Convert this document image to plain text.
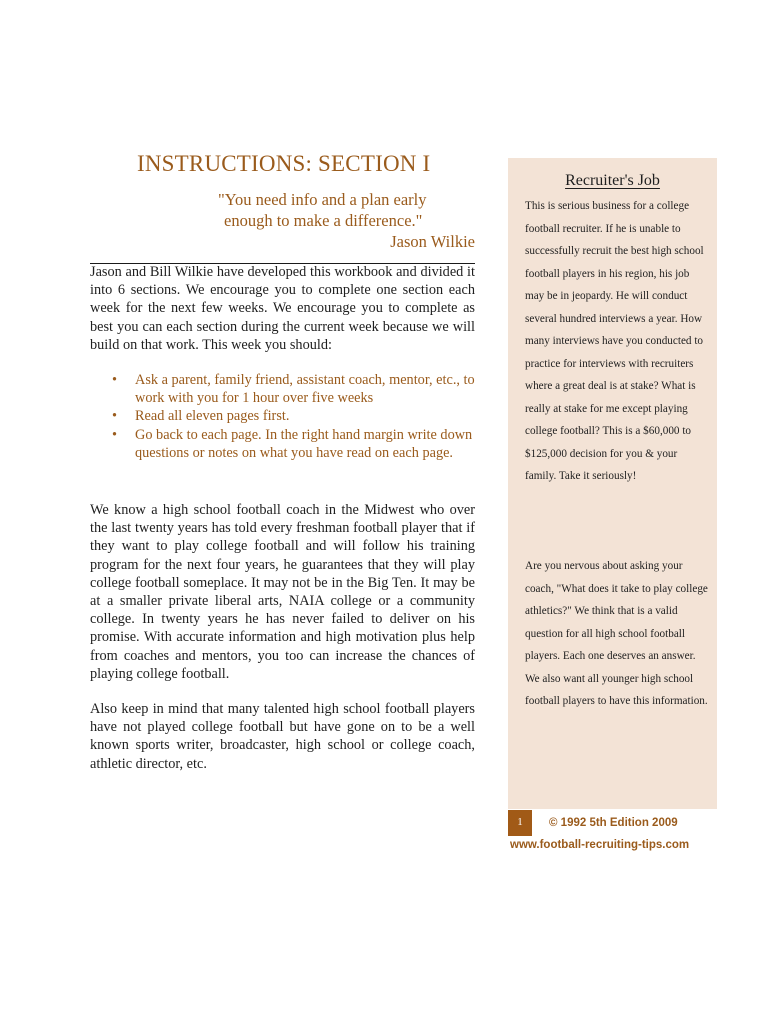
INSTRUCTIONS: SECTION I
"You need info and a plan early
enough to make a difference."
Jason Wilkie
Jason and Bill Wilkie have developed this workbook and divided it into 6 sections. We encourage you to complete one section each week for the next few weeks. We encourage you to complete as best you can each section during the current week because we will build on that work. This week you should:
• Ask a parent, family friend, assistant coach, mentor, etc., to work with you for 1 hour over five weeks
• Read all eleven pages first.
• Go back to each page. In the right hand margin write down questions or notes on what you have read on each page.
We know a high school football coach in the Midwest who over the last twenty years has told every freshman football player that if they want to play college football and will follow his training program for the next four years, he guarantees that they will play college football someplace. It may not be in the Big Ten. It may be at a smaller private liberal arts, NAIA college or a community college. In twenty years he has never failed to deliver on his promise. With accurate information and high motivation plus help from coaches and mentors, you too can increase the chances of playing college football.
Also keep in mind that many talented high school football players have not played college football but have gone on to be a well known sports writer, broadcaster, high school or college coach, athletic director, etc.
Recruiter's Job
This is serious business for a college football recruiter. If he is unable to successfully recruit the best high school football players in his region, his job may be in jeopardy. He will conduct several hundred interviews a year. How many interviews have you conducted to practice for interviews with recruiters where a great deal is at stake? What is really at stake for me except playing college football? This is a $60,000 to $125,000 decision for you & your family. Take it seriously!
Are you nervous about asking your coach, "What does it take to play college athletics?" We think that is a valid question for all high school football players. Each one deserves an answer. We also want all younger high school football players to have this information.
1	© 1992 5th Edition 2009
www.football-recruiting-tips.com
